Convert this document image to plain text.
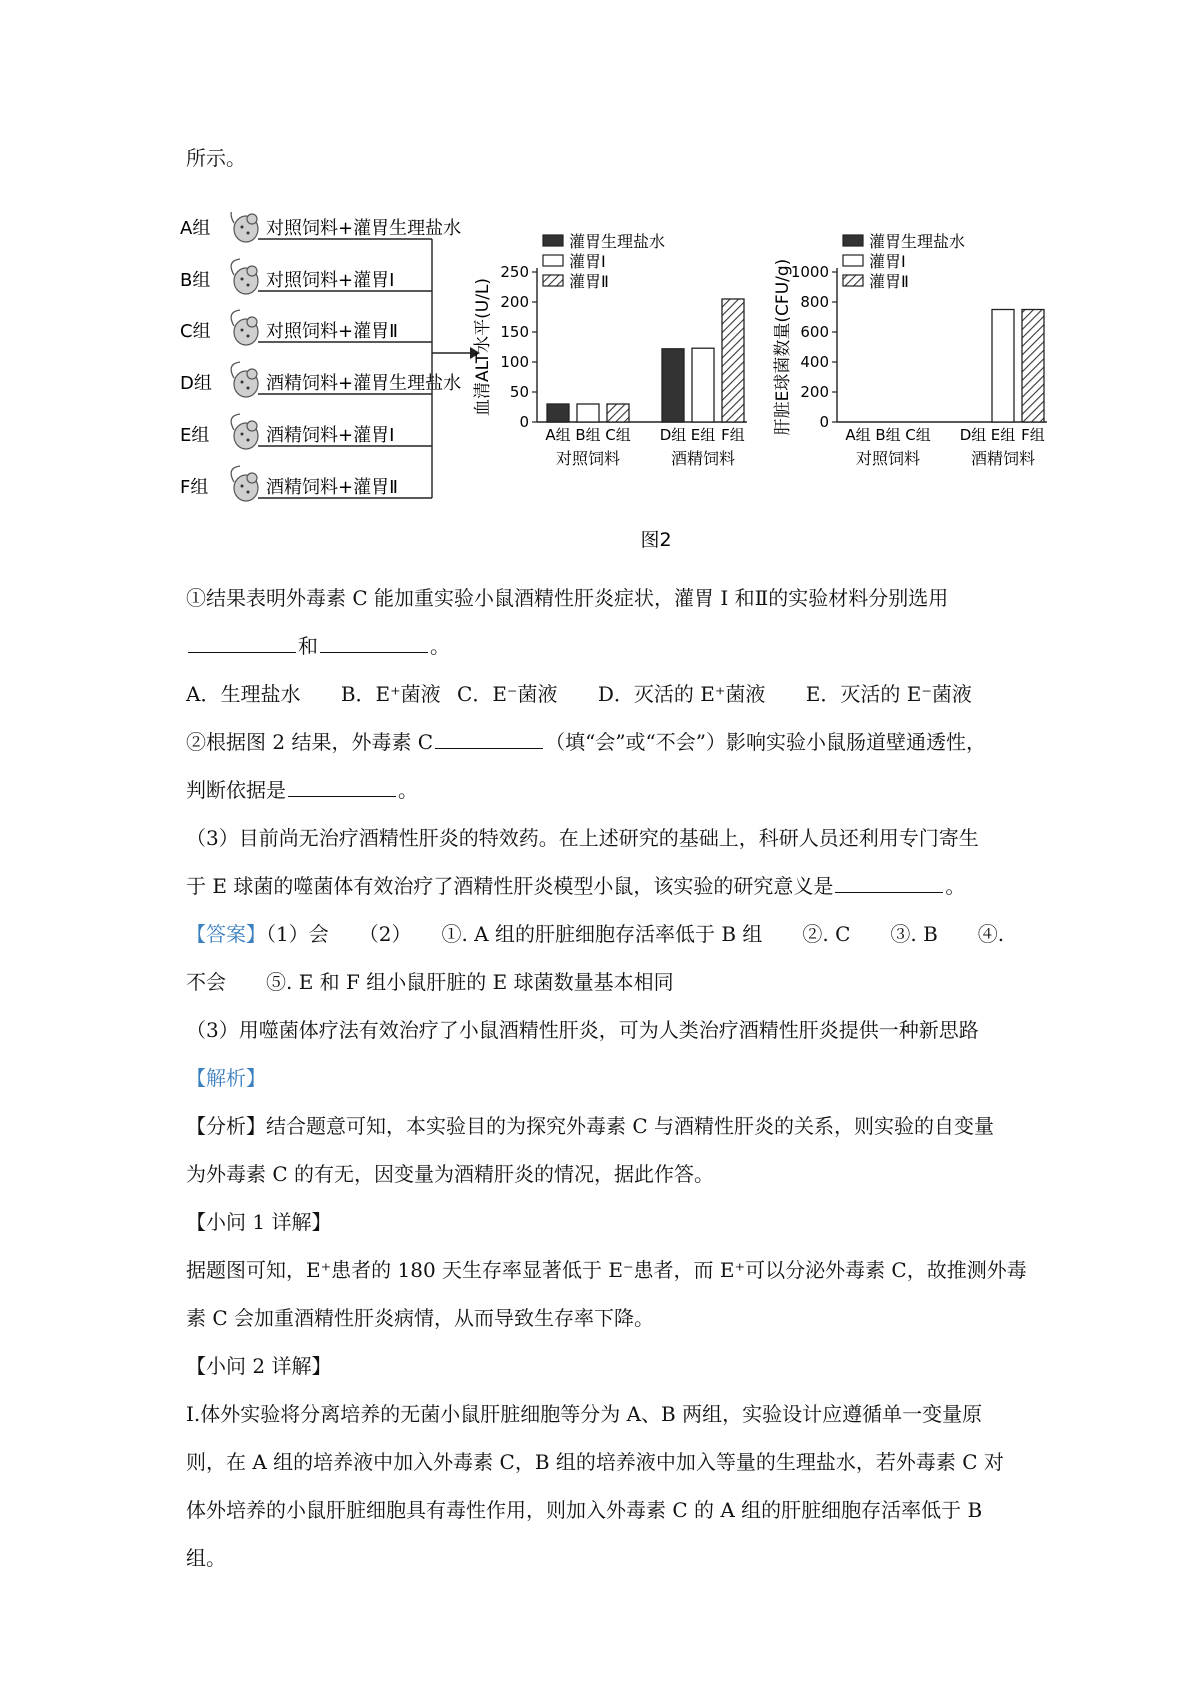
所示。
A组	对照饲料+灌胃生理盐水
B组	对照饲料+灌胃Ⅰ
C组	对照饲料+灌胃Ⅱ
D组	酒精饲料+灌胃生理盐水
E组	酒精饲料+灌胃Ⅰ
F组	酒精饲料+灌胃Ⅱ
灌胃生理盐水
灌胃Ⅰ
灌胃Ⅱ
0
50
100
150
200
250
血清ALT水平(U/L)
A组 B组 C组 D组 E组 F组
对照饲料	酒精饲料
灌胃生理盐水
灌胃Ⅰ
灌胃Ⅱ
0
200
400
600
800
1000
肝脏E球菌数量(CFU/g)	A组 B组 C组 D组 E组 F组
对照饲料	酒精饲料
图2
①结果表明外毒素 C 能加重实验小鼠酒精性肝炎症状，灌胃 I 和Ⅱ的实验材料分别选用
和	。
A．生理盐水 B．E⁺菌液 C．E⁻菌液 D．灭活的 E⁺菌液 E．灭活的 E⁻菌液
②根据图 2 结果，外毒素 C	（填“会”或“不会”）影响实验小鼠肠道壁通透性，
判断依据是	。
（3）目前尚无治疗酒精性肝炎的特效药。在上述研究的基础上，科研人员还利用专门寄生
于 E 球菌的噬菌体有效治疗了酒精性肝炎模型小鼠，该实验的研究意义是	。
【答案】（1）会　　（2）　　①. A 组的肝脏细胞存活率低于 B 组　　②. C　　③. B　　④.
不会　　⑤. E 和 F 组小鼠肝脏的 E 球菌数量基本相同
（3）用噬菌体疗法有效治疗了小鼠酒精性肝炎，可为人类治疗酒精性肝炎提供一种新思路
【解析】
【分析】结合题意可知，本实验目的为探究外毒素 C 与酒精性肝炎的关系，则实验的自变量
为外毒素 C 的有无，因变量为酒精肝炎的情况，据此作答。
【小问 1 详解】
据题图可知，E⁺患者的 180 天生存率显著低于 E⁻患者，而 E⁺可以分泌外毒素 C，故推测外毒
素 C 会加重酒精性肝炎病情，从而导致生存率下降。
【小问 2 详解】
I.体外实验将分离培养的无菌小鼠肝脏细胞等分为 A、B 两组，实验设计应遵循单一变量原
则，在 A 组的培养液中加入外毒素 C，B 组的培养液中加入等量的生理盐水，若外毒素 C 对
体外培养的小鼠肝脏细胞具有毒性作用，则加入外毒素 C 的 A 组的肝脏细胞存活率低于 B
组。
